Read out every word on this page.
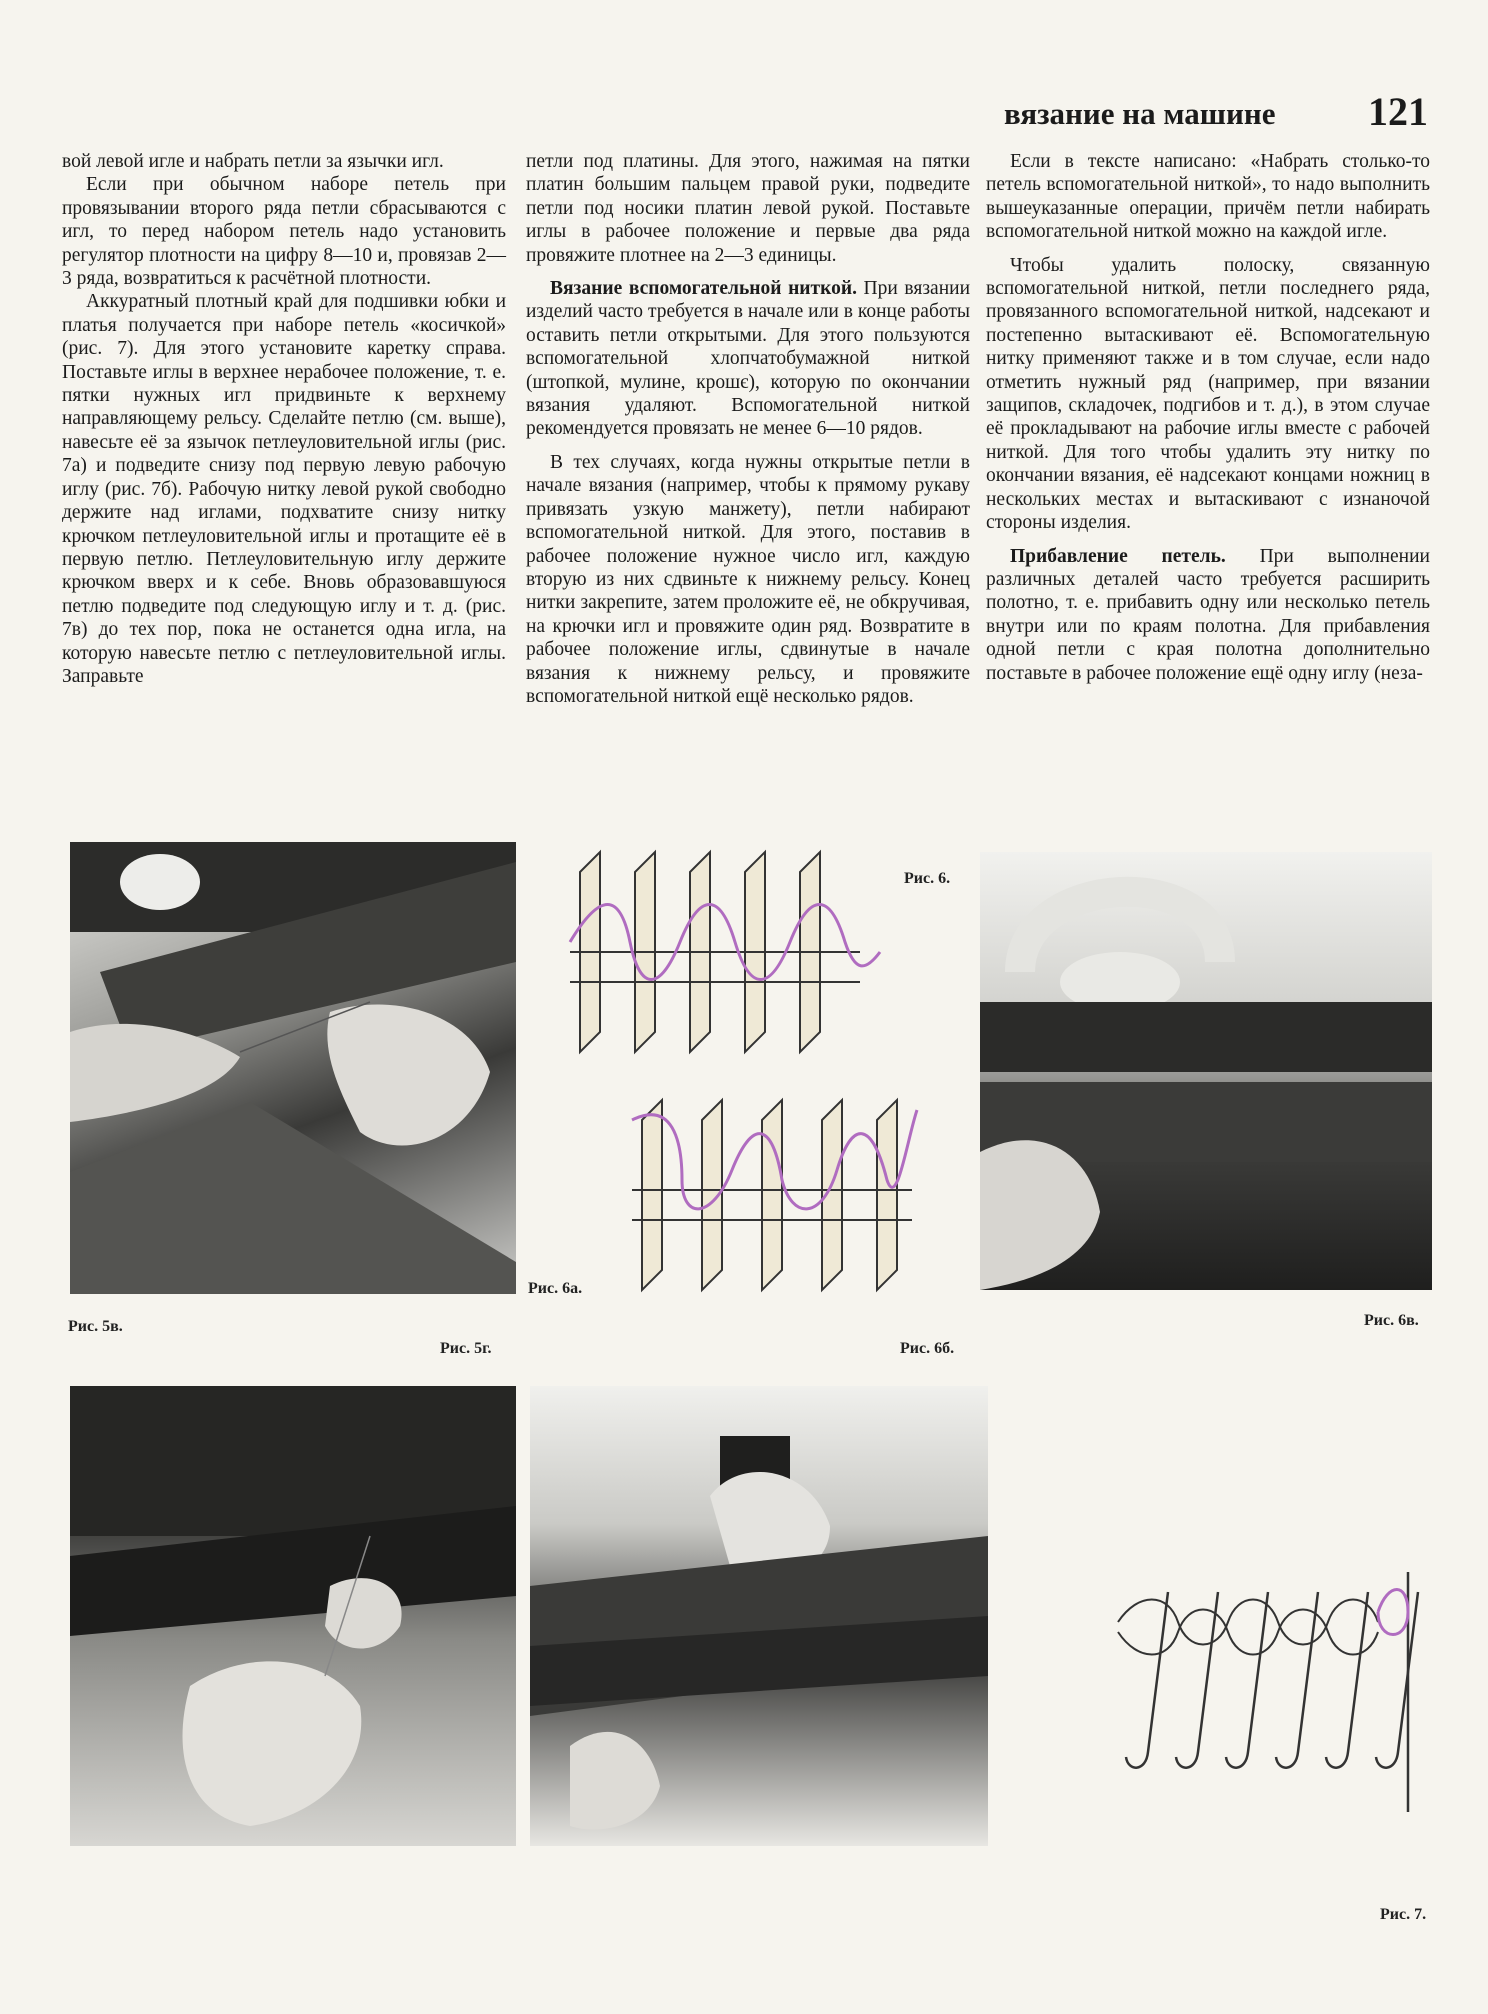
вязание на машине 121

вой левой игле и набрать петли за язычки игл.

Если при обычном наборе петель при провязывании второго ряда петли сбрасываются с игл, то перед набором петель надо установить регулятор плотности на цифру 8—10 и, провязав 2—3 ряда, возвратиться к расчётной плотности.

Аккуратный плотный край для подшивки юбки и платья получается при наборе петель «косичкой» (рис. 7). Для этого установите каретку справа. Поставьте иглы в верхнее нерабочее положение, т. е. пятки нужных игл придвиньте к верхнему направляющему рельсу. Сделайте петлю (см. выше), навесьте её за язычок петлеуловительной иглы (рис. 7а) и подведите снизу под первую левую рабочую иглу (рис. 7б). Рабочую нитку левой рукой свободно держите над иглами, подхватите снизу нитку крючком петлеуловительной иглы и протащите её в первую петлю. Петлеуловительную иглу держите крючком вверх и к себе. Вновь образовавшуюся петлю подведите под следующую иглу и т. д. (рис. 7в) до тех пор, пока не останется одна игла, на которую навесьте петлю с петлеуловительной иглы. Заправьте

петли под платины. Для этого, нажимая на пятки платин большим пальцем правой руки, подведите петли под носики платин левой рукой. Поставьте иглы в рабочее положение и первые два ряда провяжите плотнее на 2—3 единицы.

Вязание вспомогательной ниткой. При вязании изделий часто требуется в начале или в конце работы оставить петли открытыми. Для этого пользуются вспомогательной хлопчатобумажной ниткой (штопкой, мулине, крошє), которую по окончании вязания удаляют. Вспомогательной ниткой рекомендуется провязать не менее 6—10 рядов.

В тех случаях, когда нужны открытые петли в начале вязания (например, чтобы к прямому рукаву привязать узкую манжету), петли набирают вспомогательной ниткой. Для этого, поставив в рабочее положение нужное число игл, каждую вторую из них сдвиньте к нижнему рельсу. Конец нитки закрепите, затем проложите её, не обкручивая, на крючки игл и провяжите один ряд. Возвратите в рабочее положение иглы, сдвинутые в начале вязания к нижнему рельсу, и провяжите вспомогательной ниткой ещё несколько рядов.

Если в тексте написано: «Набрать столько-то петель вспомогательной ниткой», то надо выполнить вышеуказанные операции, причём петли набирать вспомогательной ниткой можно на каждой игле.

Чтобы удалить полоску, связанную вспомогательной ниткой, петли последнего ряда, провязанного вспомогательной ниткой, надсекают и постепенно вытаскивают её. Вспомогательную нитку применяют также и в том случае, если надо отметить нужный ряд (например, при вязании защипов, складочек, подгибов и т. д.), в этом случае её прокладывают на рабочие иглы вместе с рабочей ниткой. Для того чтобы удалить эту нитку по окончании вязания, её надсекают концами ножниц в нескольких местах и вытаскивают с изнаночой стороны изделия.

Прибавление петель. При выполнении различных деталей часто требуется расширить полотно, т. е. прибавить одну или несколько петель внутри или по краям полотна. Для прибавления одной петли с края полотна дополнительно поставьте в рабочее положение ещё одну иглу (неза-

Рис. 5в.
Рис. 5г.
Рис. 6.
Рис. 6а.
Рис. 6б.
Рис. 6в.
Рис. 7.
